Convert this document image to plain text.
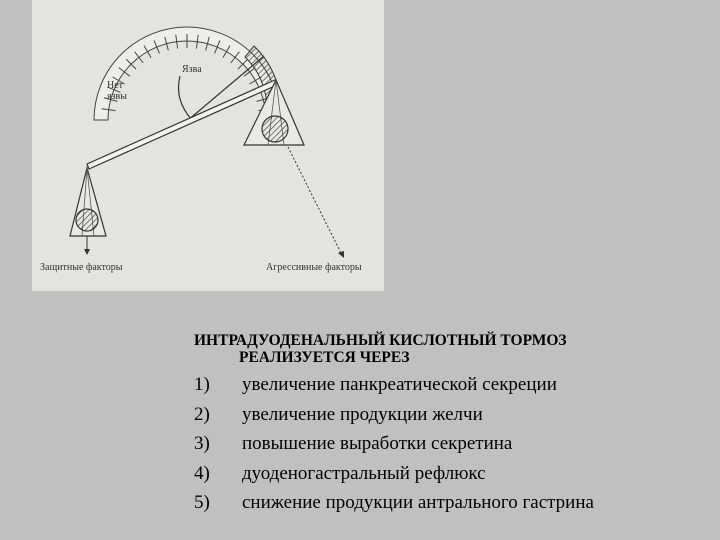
Нет язвы
Язва
Защитные факторы	Агрессивные факторы
ИНТРАДУОДЕНАЛЬНЫЙ КИСЛОТНЫЙ ТОРМОЗ
РЕАЛИЗУЕТСЯ ЧЕРЕЗ
1)	увеличение панкреатической секреции
2)	увеличение продукции желчи
3)	повышение выработки секретина
4)	дуоденогастральный рефлюкс
5)	снижение продукции антрального гастрина
